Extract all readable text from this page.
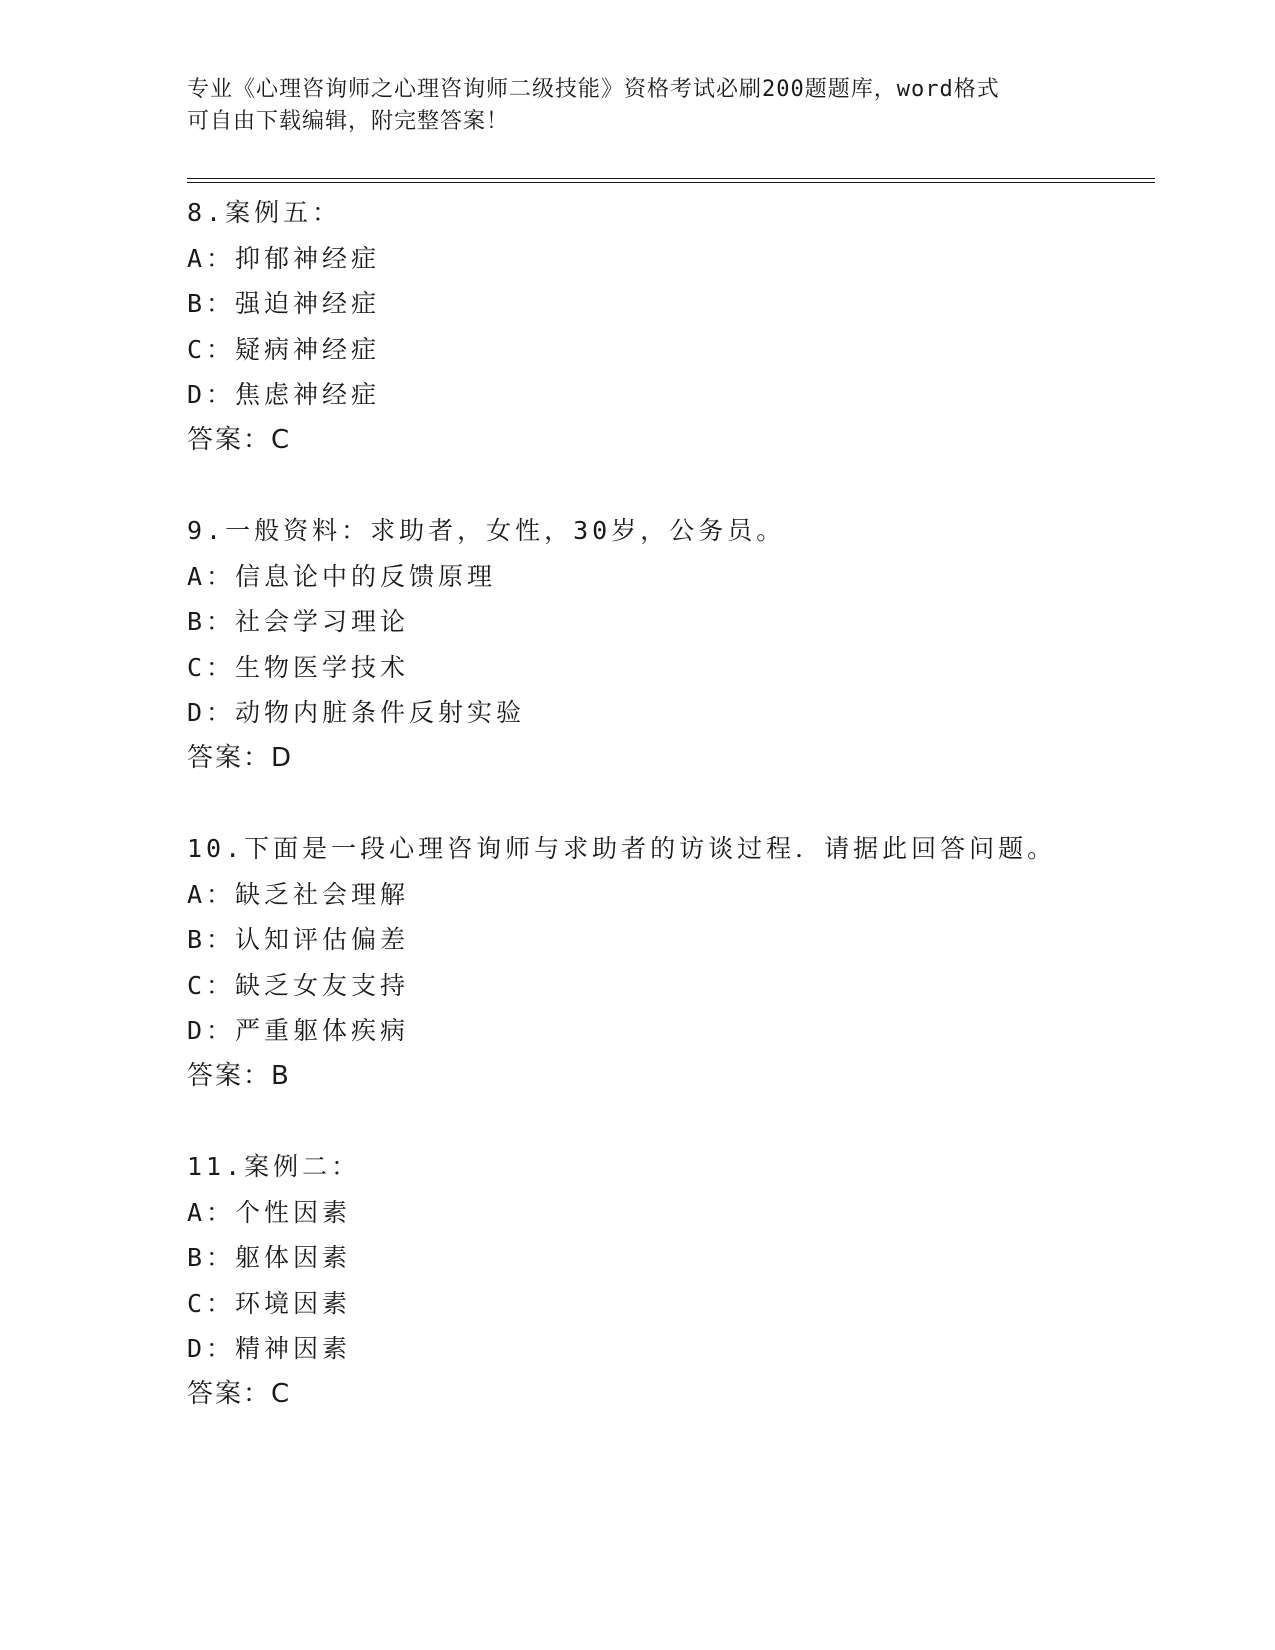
专业《心理咨询师之心理咨询师二级技能》资格考试必刷200题题库，word格式
可自由下载编辑，附完整答案！
8.案例五：
A：抑郁神经症
B：强迫神经症
C：疑病神经症
D：焦虑神经症
答案：C
9.一般资料：求助者，女性，30岁，公务员。
A：信息论中的反馈原理
B：社会学习理论
C：生物医学技术
D：动物内脏条件反射实验
答案：D
10.下面是一段心理咨询师与求助者的访谈过程．请据此回答问题。
A：缺乏社会理解
B：认知评估偏差
C：缺乏女友支持
D：严重躯体疾病
答案：B
11.案例二：
A：个性因素
B：躯体因素
C：环境因素
D：精神因素
答案：C
